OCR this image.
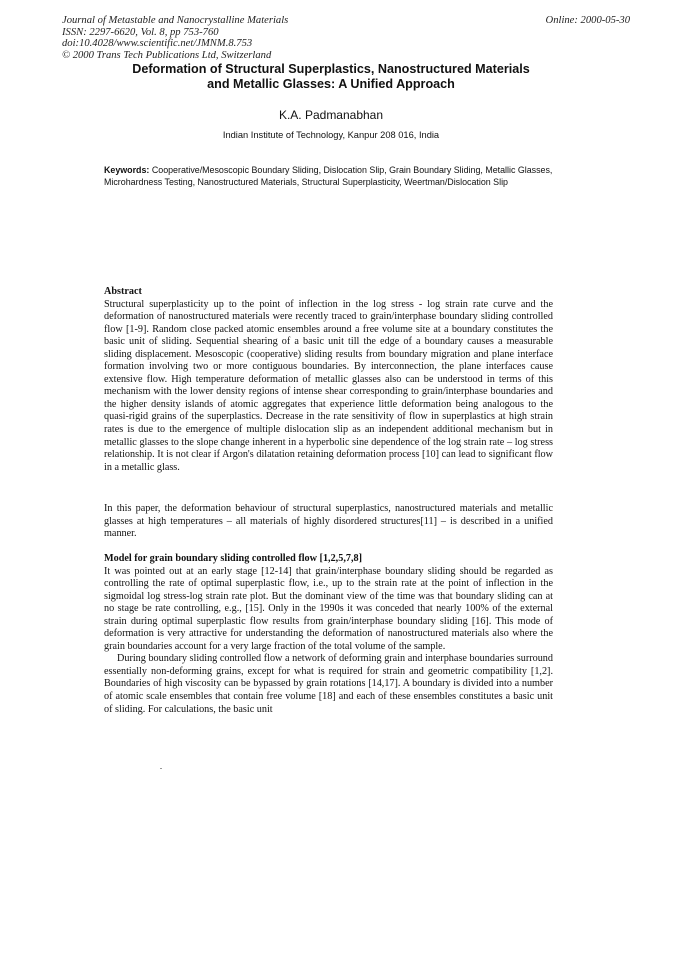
Journal of Metastable and Nanocrystalline Materials
ISSN: 2297-6620, Vol. 8, pp 753-760
doi:10.4028/www.scientific.net/JMNM.8.753
© 2000 Trans Tech Publications Ltd, Switzerland
Online: 2000-05-30
Deformation of Structural Superplastics, Nanostructured Materials
and Metallic Glasses: A Unified Approach
K.A. Padmanabhan
Indian Institute of Technology, Kanpur 208 016, India
Keywords: Cooperative/Mesoscopic Boundary Sliding, Dislocation Slip, Grain Boundary Sliding, Metallic Glasses, Microhardness Testing, Nanostructured Materials, Structural Superplasticity, Weertman/Dislocation Slip
Abstract
Structural superplasticity up to the point of inflection in the log stress - log strain rate curve and the deformation of nanostructured materials were recently traced to grain/interphase boundary sliding controlled flow [1-9]. Random close packed atomic ensembles around a free volume site at a boundary constitutes the basic unit of sliding. Sequential shearing of a basic unit till the edge of a boundary causes a measurable sliding displacement. Mesoscopic (cooperative) sliding results from boundary migration and plane interface formation involving two or more contiguous boundaries. By interconnection, the plane interfaces cause extensive flow. High temperature deformation of metallic glasses also can be understood in terms of this mechanism with the lower density regions of intense shear corresponding to grain/interphase boundaries and the higher density islands of atomic aggregates that experience little deformation being analogous to the quasi-rigid grains of the superplastics. Decrease in the rate sensitivity of flow in superplastics at high strain rates is due to the emergence of multiple dislocation slip as an independent additional mechanism but in metallic glasses to the slope change inherent in a hyperbolic sine dependence of the log strain rate – log stress relationship. It is not clear if Argon's dilatation retaining deformation process [10] can lead to significant flow in a metallic glass.
In this paper, the deformation behaviour of structural superplastics, nanostructured materials and metallic glasses at high temperatures – all materials of highly disordered structures[11] – is described in a unified manner.
Model for grain boundary sliding controlled flow [1,2,5,7,8]
It was pointed out at an early stage [12-14] that grain/interphase boundary sliding should be regarded as controlling the rate of optimal superplastic flow, i.e., up to the strain rate at the point of inflection in the sigmoidal log stress-log strain rate plot. But the dominant view of the time was that boundary sliding can at no stage be rate controlling, e.g., [15]. Only in the 1990s it was conceded that nearly 100% of the external strain during optimal superplastic flow results from grain/interphase boundary sliding [16]. This mode of deformation is very attractive for understanding the deformation of nanostructured materials also where the grain boundaries account for a very large fraction of the total volume of the sample.
During boundary sliding controlled flow a network of deforming grain and interphase boundaries surround essentially non-deforming grains, except for what is required for strain and geometric compatibility [1,2]. Boundaries of high viscosity can be bypassed by grain rotations [14,17]. A boundary is divided into a number of atomic scale ensembles that contain free volume [18] and each of these ensembles constitutes a basic unit of sliding. For calculations, the basic unit
